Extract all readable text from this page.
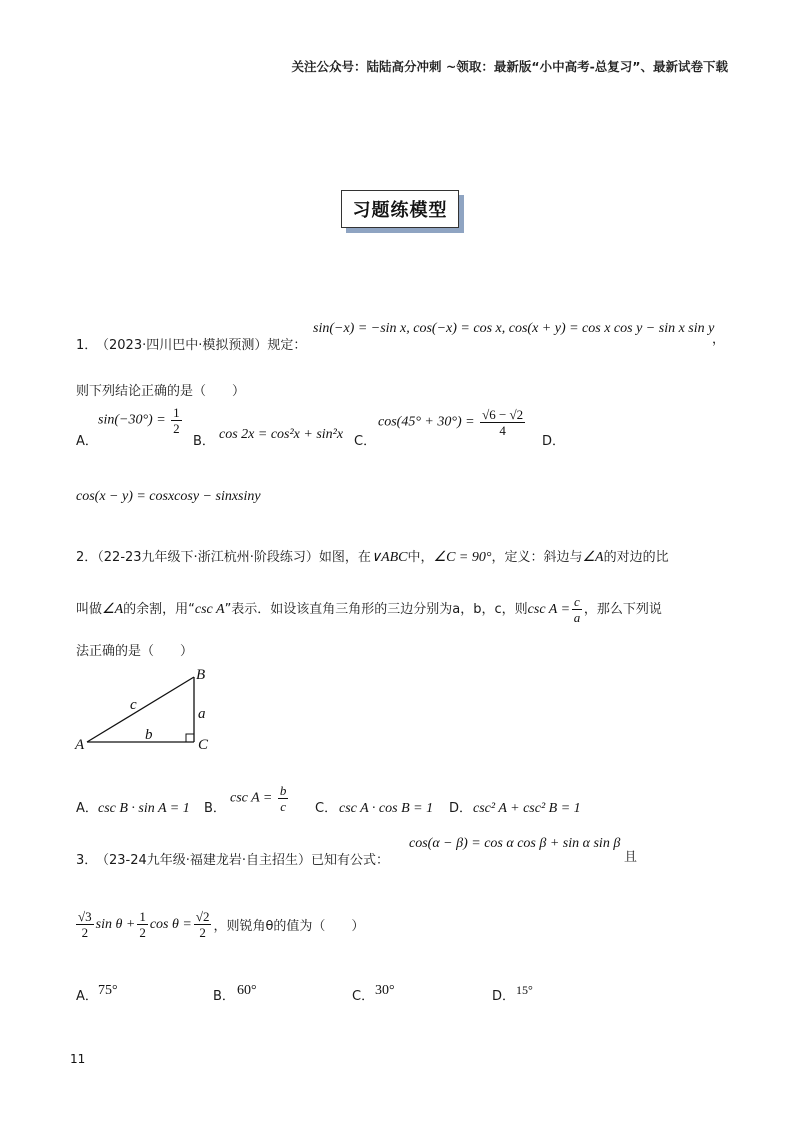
关注公众号：陆陆高分冲刺 ~领取：最新版“小中高考-总复习”、最新试卷下载
习题练模型
1．
（2023·四川巴中·模拟预测）规定：
sin(−x) = −sin x, cos(−x) = cos x, cos(x + y) = cos x cos y − sin x sin y
，
则下列结论正确的是（　　）
A．
$\sin(-30^\circ) = \frac{1}{2}$
B． cos 2x = cos²x + sin²x C．
$\cos(45^\circ + 30^\circ) = \frac{√6 - √2}{4}$
D．
cos(x − y) = cosxcosy − sinxsiny
2．（22-23九年级下·浙江杭州·阶段练习）如图，在∨ABC中，∠C = 90°，定义：斜边与∠A的对边的比
叫做∠A的余割，用“csc A”表示．如设该直角三角形的三边分别为a，b，c，则$\csc A = \frac{c}{a}$ ，那么下列说
法正确的是（　　）
A
B
C
a
b
c
A． csc B · sin A = 1 B．
$\csc A = \frac{b}{c}$ C． csc A · cos B = 1 D． csc² A + csc² B = 1
3．
（23-24九年级·福建龙岩·自主招生）已知有公式：
cos(α − β) = cos α cos β + sin α sin β
且
$\frac{√3}{2}$ $\sin \theta + \frac{1}{2}$ $\cos \theta = \frac{√2}{2}$ ，则锐角θ的值为（　　）
A． 75°	B． 60°	C． 30°	D． 15°
11
